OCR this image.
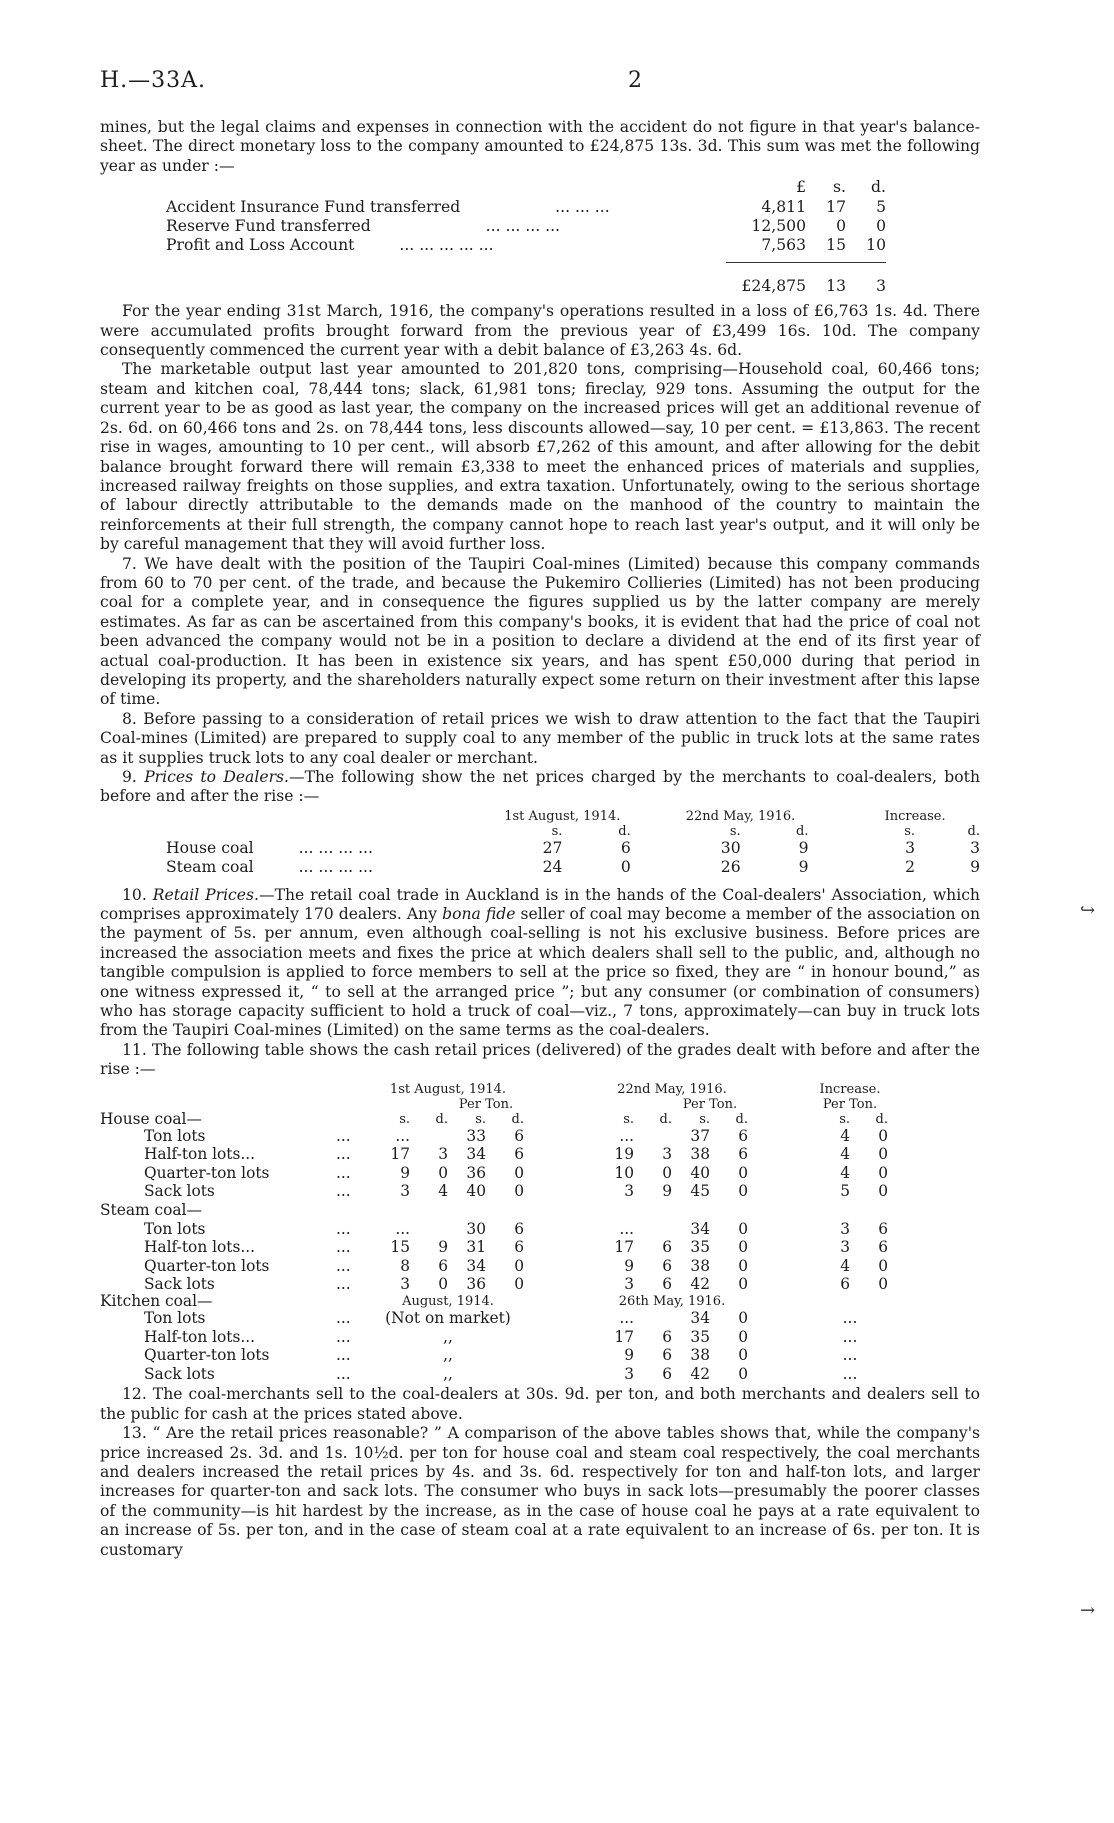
H.—33A.	2
↪
→

mines, but the legal claims and expenses in connection with the accident do not figure in that year's balance-sheet. The direct monetary loss to the company amounted to £24,875 13s. 3d. This sum was met the following year as under :—

	£	s.	d.
Accident Insurance Fund transferred ... ... ...	4,811	17	5
Reserve Fund transferred ... ... ... ...	12,500	0	0
Profit and Loss Account ... ... ... ... ...	7,563	15	10

	£24,875	13	3

For the year ending 31st March, 1916, the company's operations resulted in a loss of £6,763 1s. 4d. There were accumulated profits brought forward from the previous year of £3,499 16s. 10d. The company consequently commenced the current year with a debit balance of £3,263 4s. 6d.

The marketable output last year amounted to 201,820 tons, comprising—Household coal, 60,466 tons; steam and kitchen coal, 78,444 tons; slack, 61,981 tons; fireclay, 929 tons. Assuming the output for the current year to be as good as last year, the company on the increased prices will get an additional revenue of 2s. 6d. on 60,466 tons and 2s. on 78,444 tons, less discounts allowed—say, 10 per cent. = £13,863. The recent rise in wages, amounting to 10 per cent., will absorb £7,262 of this amount, and after allowing for the debit balance brought forward there will remain £3,338 to meet the enhanced prices of materials and supplies, increased railway freights on those supplies, and extra taxation. Unfortunately, owing to the serious shortage of labour directly attributable to the demands made on the manhood of the country to maintain the reinforcements at their full strength, the company cannot hope to reach last year's output, and it will only be by careful management that they will avoid further loss.

7. We have dealt with the position of the Taupiri Coal-mines (Limited) because this company commands from 60 to 70 per cent. of the trade, and because the Pukemiro Collieries (Limited) has not been producing coal for a complete year, and in consequence the figures supplied us by the latter company are merely estimates. As far as can be ascertained from this company's books, it is evident that had the price of coal not been advanced the company would not be in a position to declare a dividend at the end of its first year of actual coal-production. It has been in existence six years, and has spent £50,000 during that period in developing its property, and the shareholders naturally expect some return on their investment after this lapse of time.

8. Before passing to a consideration of retail prices we wish to draw attention to the fact that the Taupiri Coal-mines (Limited) are prepared to supply coal to any member of the public in truck lots at the same rates as it supplies truck lots to any coal dealer or merchant.

9. Prices to Dealers.—The following show the net prices charged by the merchants to coal-dealers, both before and after the rise :—

	1st August, 1914.			22nd May, 1916.			Increase.	
	s.	d.		s.	d.		s.	d.
House coal ... ... ... ...	27	6		30	9		3	3
Steam coal ... ... ... ...	24	0		26	9		2	9

10. Retail Prices.—The retail coal trade in Auckland is in the hands of the Coal-dealers' Association, which comprises approximately 170 dealers. Any bona fide seller of coal may become a member of the association on the payment of 5s. per annum, even although coal-selling is not his exclusive business. Before prices are increased the association meets and fixes the price at which dealers shall sell to the public, and, although no tangible compulsion is applied to force members to sell at the price so fixed, they are “ in honour bound,” as one witness expressed it, “ to sell at the arranged price ”; but any consumer (or combination of consumers) who has storage capacity sufficient to hold a truck of coal—viz., 7 tons, approximately—can buy in truck lots from the Taupiri Coal-mines (Limited) on the same terms as the coal-dealers.

11. The following table shows the cash retail prices (delivered) of the grades dealt with before and after the rise :—

		1st August, 1914.					22nd May, 1916.					Increase.	
				Per Ton.					Per Ton.			Per Ton.	
House coal—		s.	d.	s.	d.		s.	d.	s.	d.		s.	d.
Ton lots	...	...		33	6		...		37	6		4	0
Half-ton lots...	...	17	3	34	6		19	3	38	6		4	0
Quarter-ton lots	...	9	0	36	0		10	0	40	0		4	0
Sack lots	...	3	4	40	0		3	9	45	0		5	0
Steam coal—													
Ton lots	...	...		30	6		...		34	0		3	6
Half-ton lots...	...	15	9	31	6		17	6	35	0		3	6
Quarter-ton lots	...	8	6	34	0		9	6	38	0		4	0
Sack lots	...	3	0	36	0		3	6	42	0		6	0
Kitchen coal—		August, 1914.					26th May, 1916.						
Ton lots	...	(Not on market)					...		34	0		...	
Half-ton lots...	...	,,					17	6	35	0		...	
Quarter-ton lots	...	,,					9	6	38	0		...	
Sack lots	...	,,					3	6	42	0		...	

12. The coal-merchants sell to the coal-dealers at 30s. 9d. per ton, and both merchants and dealers sell to the public for cash at the prices stated above.

13. “ Are the retail prices reasonable? ” A comparison of the above tables shows that, while the company's price increased 2s. 3d. and 1s. 10½d. per ton for house coal and steam coal respectively, the coal merchants and dealers increased the retail prices by 4s. and 3s. 6d. respectively for ton and half-ton lots, and larger increases for quarter-ton and sack lots. The consumer who buys in sack lots—presumably the poorer classes of the community—is hit hardest by the increase, as in the case of house coal he pays at a rate equivalent to an increase of 5s. per ton, and in the case of steam coal at a rate equivalent to an increase of 6s. per ton. It is customary
